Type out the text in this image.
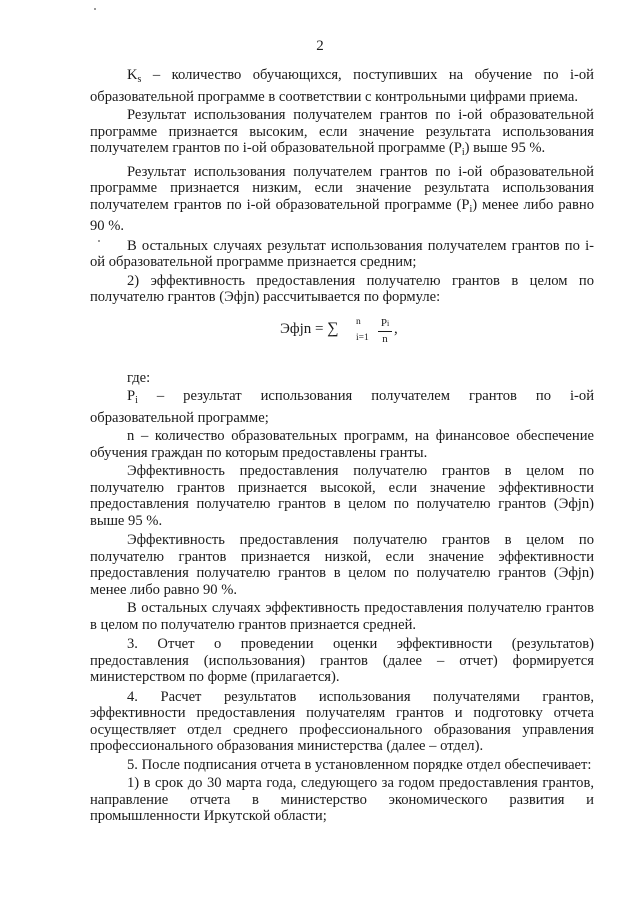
2

$K_s$ – количество обучающихся, поступивших на обучение по i-ой образовательной программе в соответствии с контрольными цифрами приема.

Результат использования получателем грантов по i-ой образовательной программе признается высоким, если значение результата использования получателем грантов по i-ой образовательной программе $(P_i)$ выше 95 %.

Результат использования получателем грантов по i-ой образовательной программе признается низким, если значение результата использования получателем грантов по i-ой образовательной программе $(P_i)$ менее либо равно 90 %.

В остальных случаях результат использования получателем грантов по i-ой образовательной программе признается средним;

2) эффективность предоставления получателю грантов в целом по получателю грантов (Эфjn) рассчитывается по формуле:

Эфjn = ∑ n
i=1
Pi
n
,

где:

$P_i$ – результат использования получателем грантов по i-ой образовательной программе;

n – количество образовательных программ, на финансовое обеспечение обучения граждан по которым предоставлены гранты.

Эффективность предоставления получателю грантов в целом по получателю грантов признается высокой, если значение эффективности предоставления получателю грантов в целом по получателю грантов (Эфjn) выше 95 %.

Эффективность предоставления получателю грантов в целом по получателю грантов признается низкой, если значение эффективности предоставления получателю грантов в целом по получателю грантов (Эфjn) менее либо равно 90 %.

В остальных случаях эффективность предоставления получателю грантов в целом по получателю грантов признается средней.

3. Отчет о проведении оценки эффективности (результатов) предоставления (использования) грантов (далее – отчет) формируется министерством по форме (прилагается).

4. Расчет результатов использования получателями грантов, эффективности предоставления получателям грантов и подготовку отчета осуществляет отдел среднего профессионального образования управления профессионального образования министерства (далее – отдел).

5. После подписания отчета в установленном порядке отдел обеспечивает:

1) в срок до 30 марта года, следующего за годом предоставления грантов, направление отчета в министерство экономического развития и промышленности Иркутской области;
